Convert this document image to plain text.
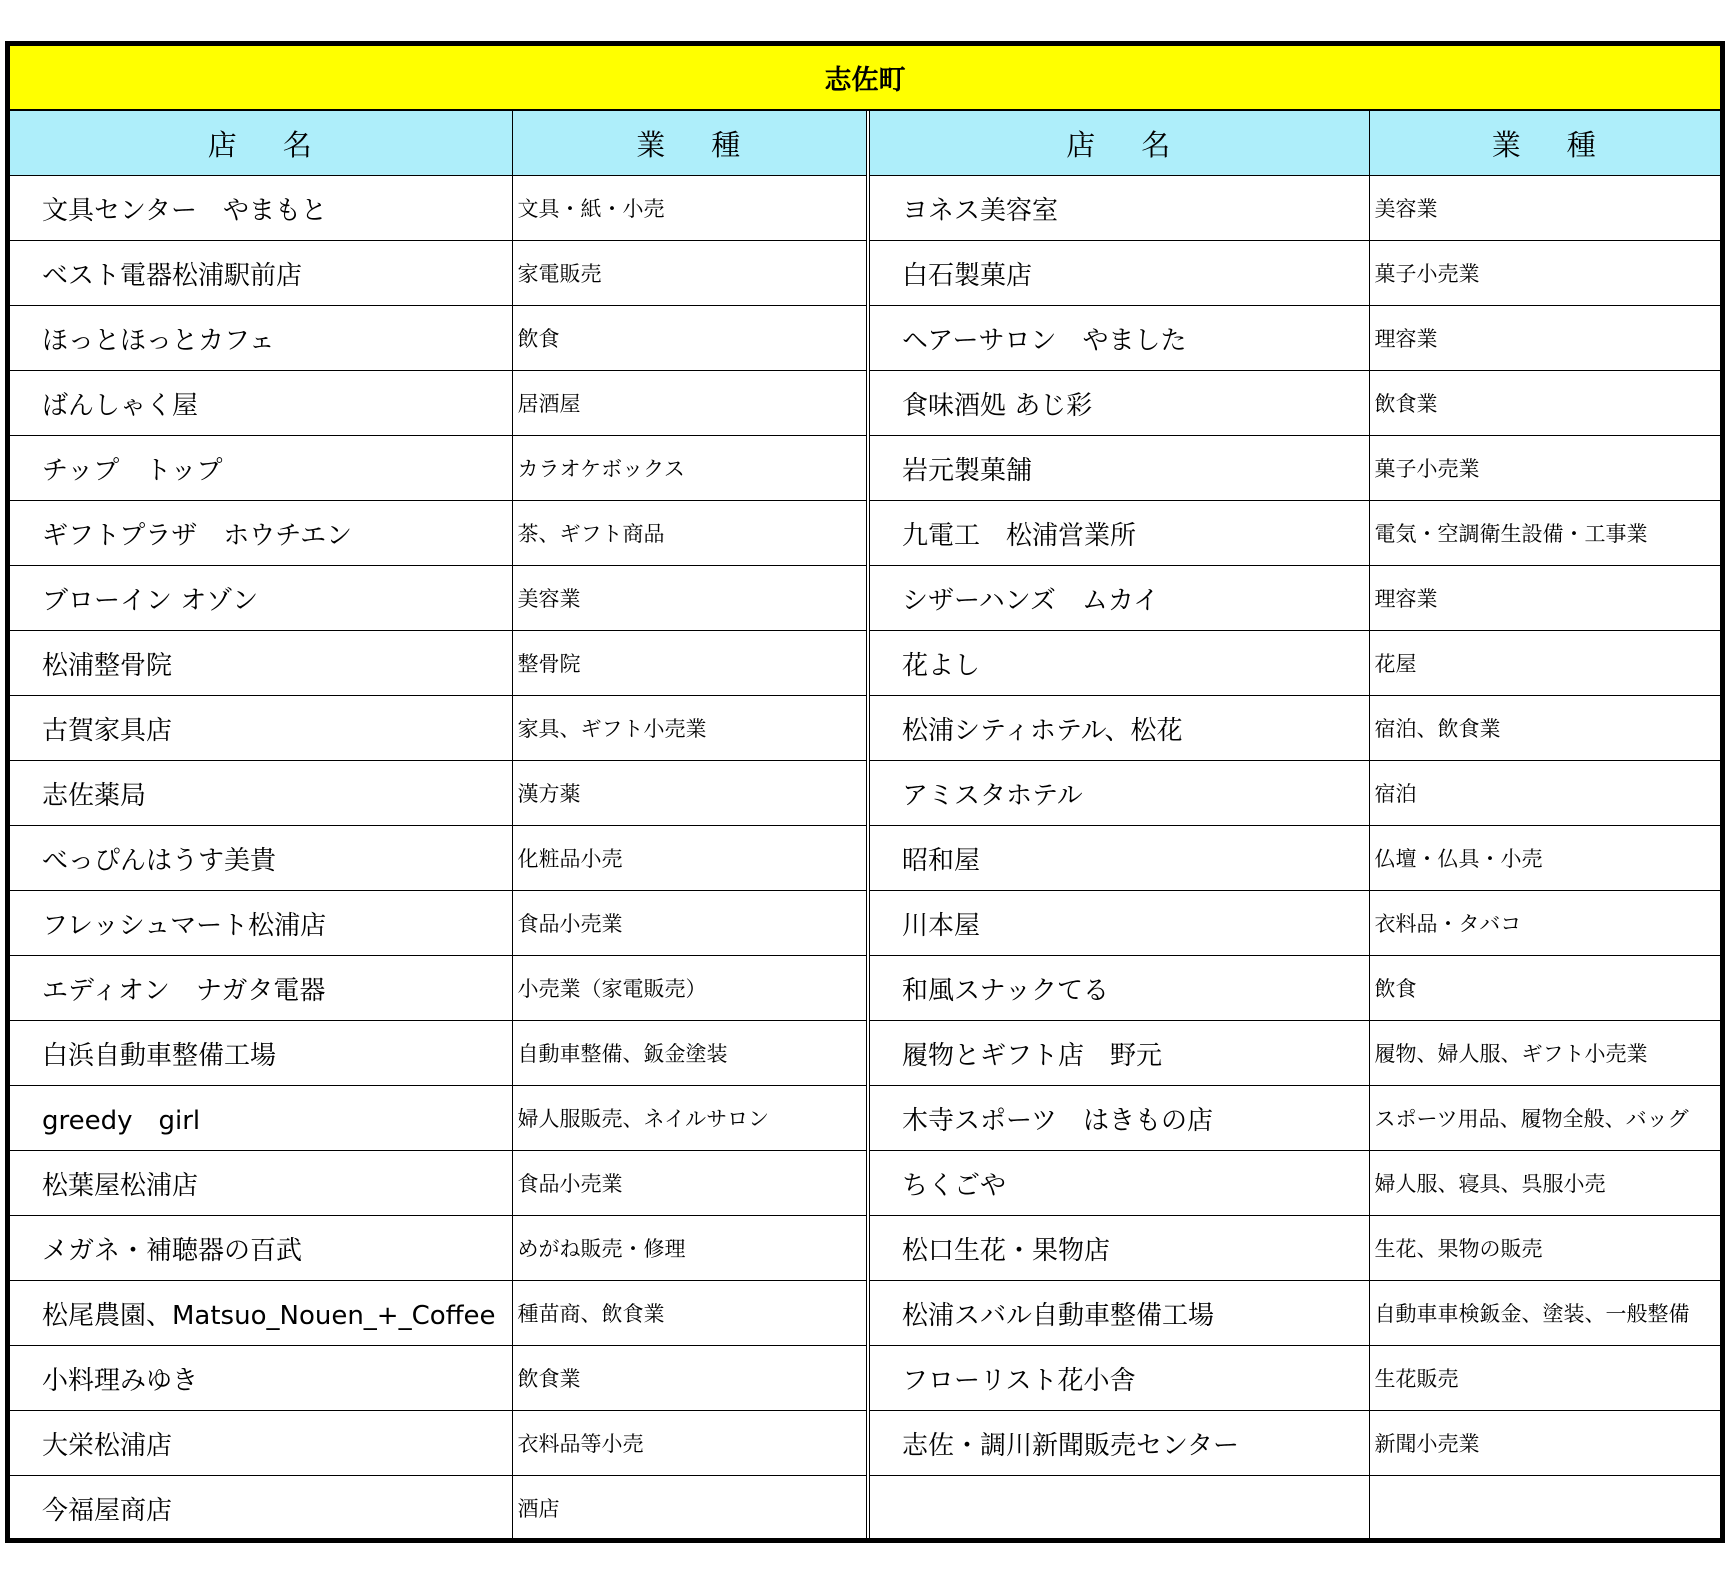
志佐町
店 名	業 種	店 名	業 種
文具センター　やまもと	文具・紙・小売	ヨネス美容室	美容業
ベスト電器松浦駅前店	家電販売	白石製菓店	菓子小売業
ほっとほっとカフェ	飲食	ヘアーサロン　やました	理容業
ばんしゃく屋	居酒屋	食味酒処 あじ彩	飲食業
チップ　トップ	カラオケボックス	岩元製菓舗	菓子小売業
ギフトプラザ　ホウチエン	茶、ギフト商品	九電工　松浦営業所	電気・空調衛生設備・工事業
ブローイン オゾン	美容業	シザーハンズ　ムカイ	理容業
松浦整骨院	整骨院	花よし	花屋
古賀家具店	家具、ギフト小売業	松浦シティホテル、松花	宿泊、飲食業
志佐薬局	漢方薬	アミスタホテル	宿泊
べっぴんはうす美貴	化粧品小売	昭和屋	仏壇・仏具・小売
フレッシュマート松浦店	食品小売業	川本屋	衣料品・タバコ
エディオン　ナガタ電器	小売業（家電販売）	和風スナックてる	飲食
白浜自動車整備工場	自動車整備、鈑金塗装	履物とギフト店　野元	履物、婦人服、ギフト小売業
greedy　girl	婦人服販売、ネイルサロン	木寺スポーツ　はきもの店	スポーツ用品、履物全般、バッグ
松葉屋松浦店	食品小売業	ちくごや	婦人服、寝具、呉服小売
メガネ・補聴器の百武	めがね販売・修理	松口生花・果物店	生花、果物の販売
松尾農園、Matsuo_Nouen_+_Coffee	種苗商、飲食業	松浦スバル自動車整備工場	自動車車検鈑金、塗装、一般整備
小料理みゆき	飲食業	フローリスト花小舎	生花販売
大栄松浦店	衣料品等小売	志佐・調川新聞販売センター	新聞小売業
今福屋商店	酒店		
